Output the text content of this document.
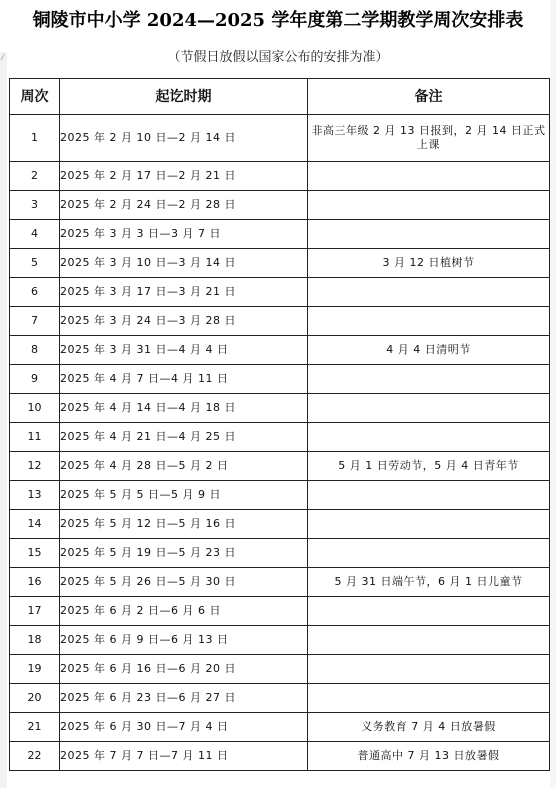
⁄
铜陵市中小学 2024—2025 学年度第二学期教学周次安排表
（节假日放假以国家公布的安排为准）
周次	起讫时期	备注
1	2025 年 2 月 10 日—2 月 14 日	非高三年级 2 月 13 日报到，2 月 14 日正式上课
2	2025 年 2 月 17 日—2 月 21 日	
3	2025 年 2 月 24 日—2 月 28 日	
4	2025 年 3 月 3 日—3 月 7 日	
5	2025 年 3 月 10 日—3 月 14 日	3 月 12 日植树节
6	2025 年 3 月 17 日—3 月 21 日	
7	2025 年 3 月 24 日—3 月 28 日	
8	2025 年 3 月 31 日—4 月 4 日	4 月 4 日清明节
9	2025 年 4 月 7 日—4 月 11 日	
10	2025 年 4 月 14 日—4 月 18 日	
11	2025 年 4 月 21 日—4 月 25 日	
12	2025 年 4 月 28 日—5 月 2 日	5 月 1 日劳动节，5 月 4 日青年节
13	2025 年 5 月 5 日—5 月 9 日	
14	2025 年 5 月 12 日—5 月 16 日	
15	2025 年 5 月 19 日—5 月 23 日	
16	2025 年 5 月 26 日—5 月 30 日	5 月 31 日端午节，6 月 1 日儿童节
17	2025 年 6 月 2 日—6 月 6 日	
18	2025 年 6 月 9 日—6 月 13 日	
19	2025 年 6 月 16 日—6 月 20 日	
20	2025 年 6 月 23 日—6 月 27 日	
21	2025 年 6 月 30 日—7 月 4 日	义务教育 7 月 4 日放暑假
22	2025 年 7 月 7 日—7 月 11 日	普通高中 7 月 13 日放暑假
